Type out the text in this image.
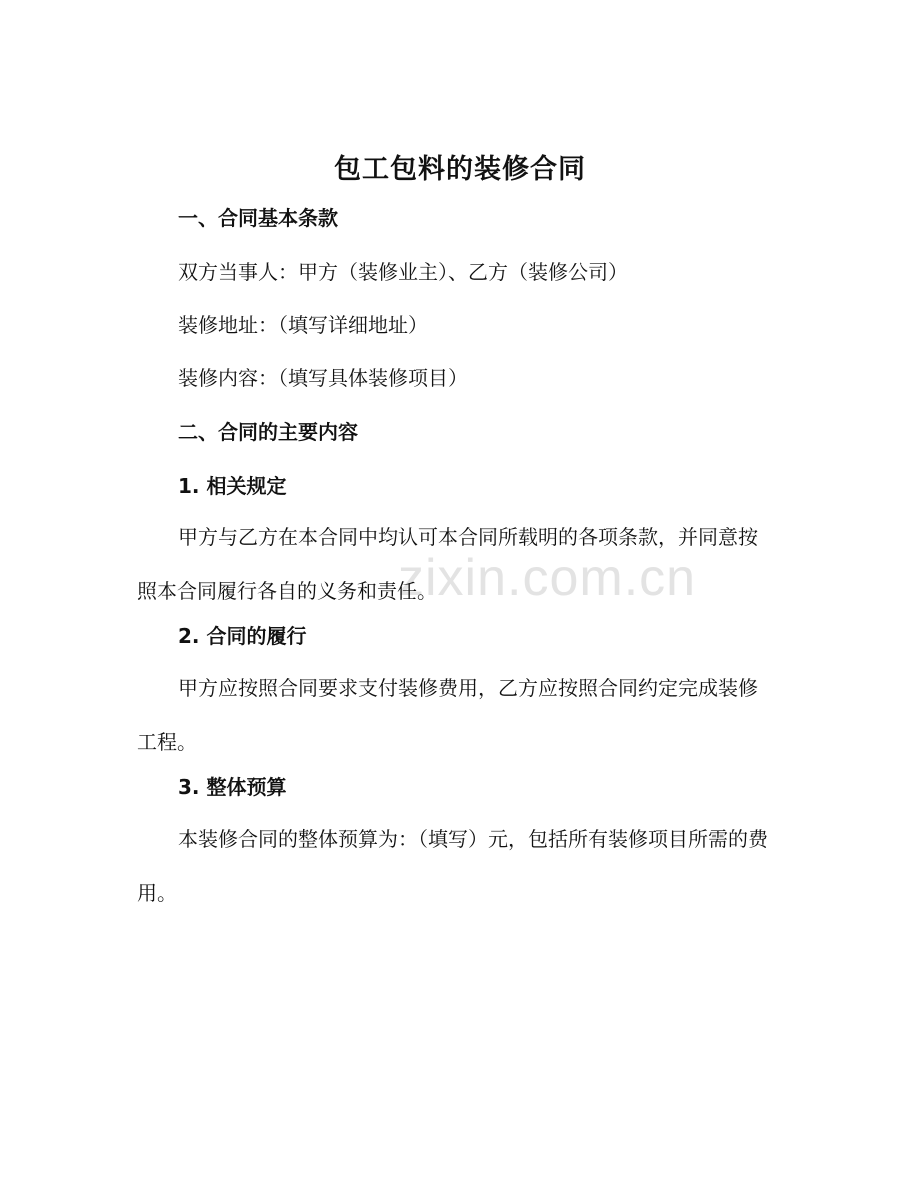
zixin.com.cn
包工包料的装修合同
一、合同基本条款
双方当事人：甲方（装修业主）、乙方（装修公司）
装修地址：（填写详细地址）
装修内容：（填写具体装修项目）
二、合同的主要内容
1. 相关规定
甲方与乙方在本合同中均认可本合同所载明的各项条款，并同意按照本合同履行各自的义务和责任。
2. 合同的履行
甲方应按照合同要求支付装修费用，乙方应按照合同约定完成装修工程。
3. 整体预算
本装修合同的整体预算为：（填写）元，包括所有装修项目所需的费用。
